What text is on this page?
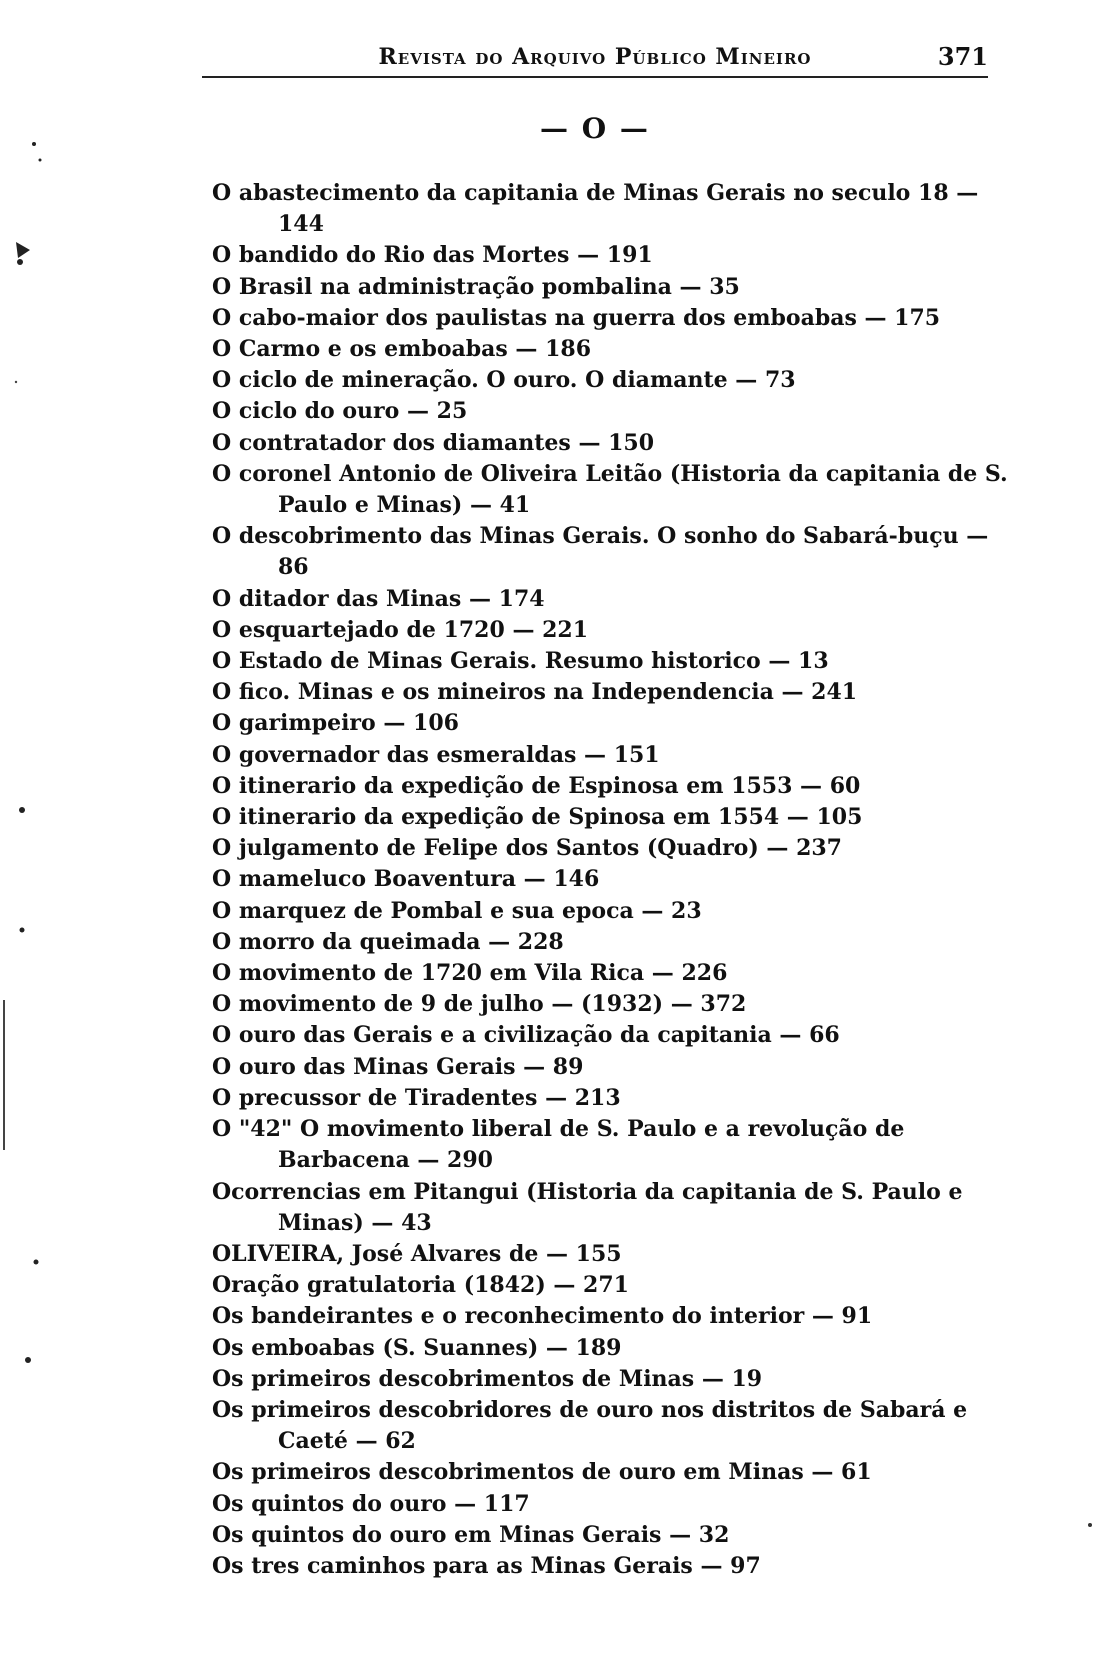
Revista do Arquivo Público Mineiro	371
— O —
O abastecimento da capitania de Minas Gerais no seculo 18 — 144
O bandido do Rio das Mortes — 191
O Brasil na administração pombalina — 35
O cabo-maior dos paulistas na guerra dos emboabas — 175
O Carmo e os emboabas — 186
O ciclo de mineração. O ouro. O diamante — 73
O ciclo do ouro — 25
O contratador dos diamantes — 150
O coronel Antonio de Oliveira Leitão (Historia da capitania de S. Paulo e Minas) — 41
O descobrimento das Minas Gerais. O sonho do Sabará-buçu — 86
O ditador das Minas — 174
O esquartejado de 1720 — 221
O Estado de Minas Gerais. Resumo historico — 13
O fico. Minas e os mineiros na Independencia — 241
O garimpeiro — 106
O governador das esmeraldas — 151
O itinerario da expedição de Espinosa em 1553 — 60
O itinerario da expedição de Spinosa em 1554 — 105
O julgamento de Felipe dos Santos (Quadro) — 237
O mameluco Boaventura — 146
O marquez de Pombal e sua epoca — 23
O morro da queimada — 228
O movimento de 1720 em Vila Rica — 226
O movimento de 9 de julho — (1932) — 372
O ouro das Gerais e a civilização da capitania — 66
O ouro das Minas Gerais — 89
O precussor de Tiradentes — 213
O "42" O movimento liberal de S. Paulo e a revolução de Barbacena — 290
Ocorrencias em Pitangui (Historia da capitania de S. Paulo e Minas) — 43
OLIVEIRA, José Alvares de — 155
Oração gratulatoria (1842) — 271
Os bandeirantes e o reconhecimento do interior — 91
Os emboabas (S. Suannes) — 189
Os primeiros descobrimentos de Minas — 19
Os primeiros descobridores de ouro nos distritos de Sabará e Caeté — 62
Os primeiros descobrimentos de ouro em Minas — 61
Os quintos do ouro — 117
Os quintos do ouro em Minas Gerais — 32
Os tres caminhos para as Minas Gerais — 97
